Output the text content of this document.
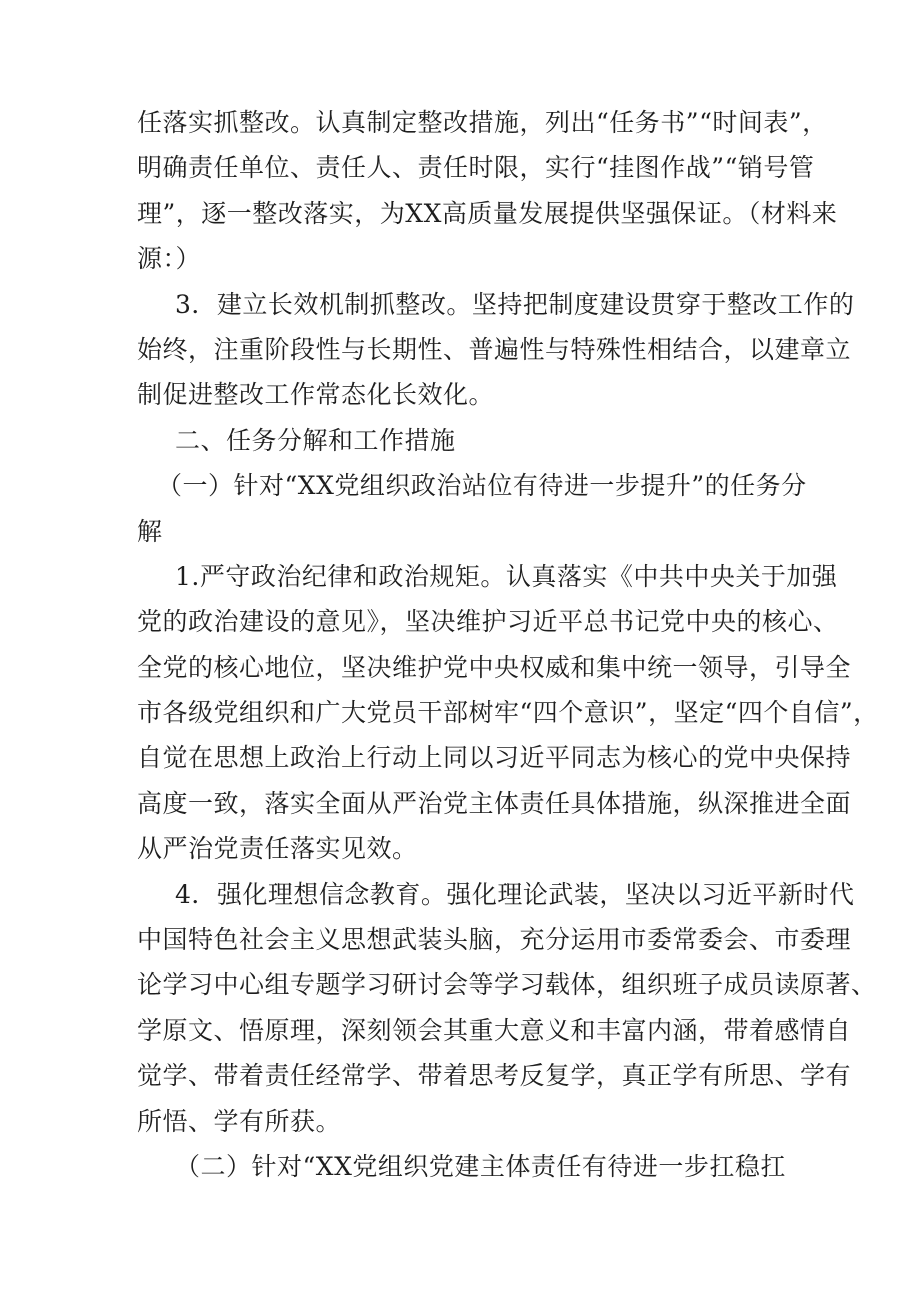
任落实抓整改。认真制定整改措施，列出“任务书”“时间表”，
明确责任单位、责任人、责任时限，实行“挂图作战”“销号管
理”，逐一整改落实，为XX高质量发展提供坚强保证。（材料来
源：）
3．建立长效机制抓整改。坚持把制度建设贯穿于整改工作的
始终，注重阶段性与长期性、普遍性与特殊性相结合，以建章立
制促进整改工作常态化长效化。
二、任务分解和工作措施
（一）针对“XX党组织政治站位有待进一步提升”的任务分
解
1.严守政治纪律和政治规矩。认真落实《中共中央关于加强
党的政治建设的意见》，坚决维护习近平总书记党中央的核心、
全党的核心地位，坚决维护党中央权威和集中统一领导，引导全
市各级党组织和广大党员干部树牢“四个意识”，坚定“四个自信”，
自觉在思想上政治上行动上同以习近平同志为核心的党中央保持
高度一致，落实全面从严治党主体责任具体措施，纵深推进全面
从严治党责任落实见效。
4．强化理想信念教育。强化理论武装，坚决以习近平新时代
中国特色社会主义思想武装头脑，充分运用市委常委会、市委理
论学习中心组专题学习研讨会等学习载体，组织班子成员读原著、
学原文、悟原理，深刻领会其重大意义和丰富内涵，带着感情自
觉学、带着责任经常学、带着思考反复学，真正学有所思、学有
所悟、学有所获。
（二）针对“XX党组织党建主体责任有待进一步扛稳扛
